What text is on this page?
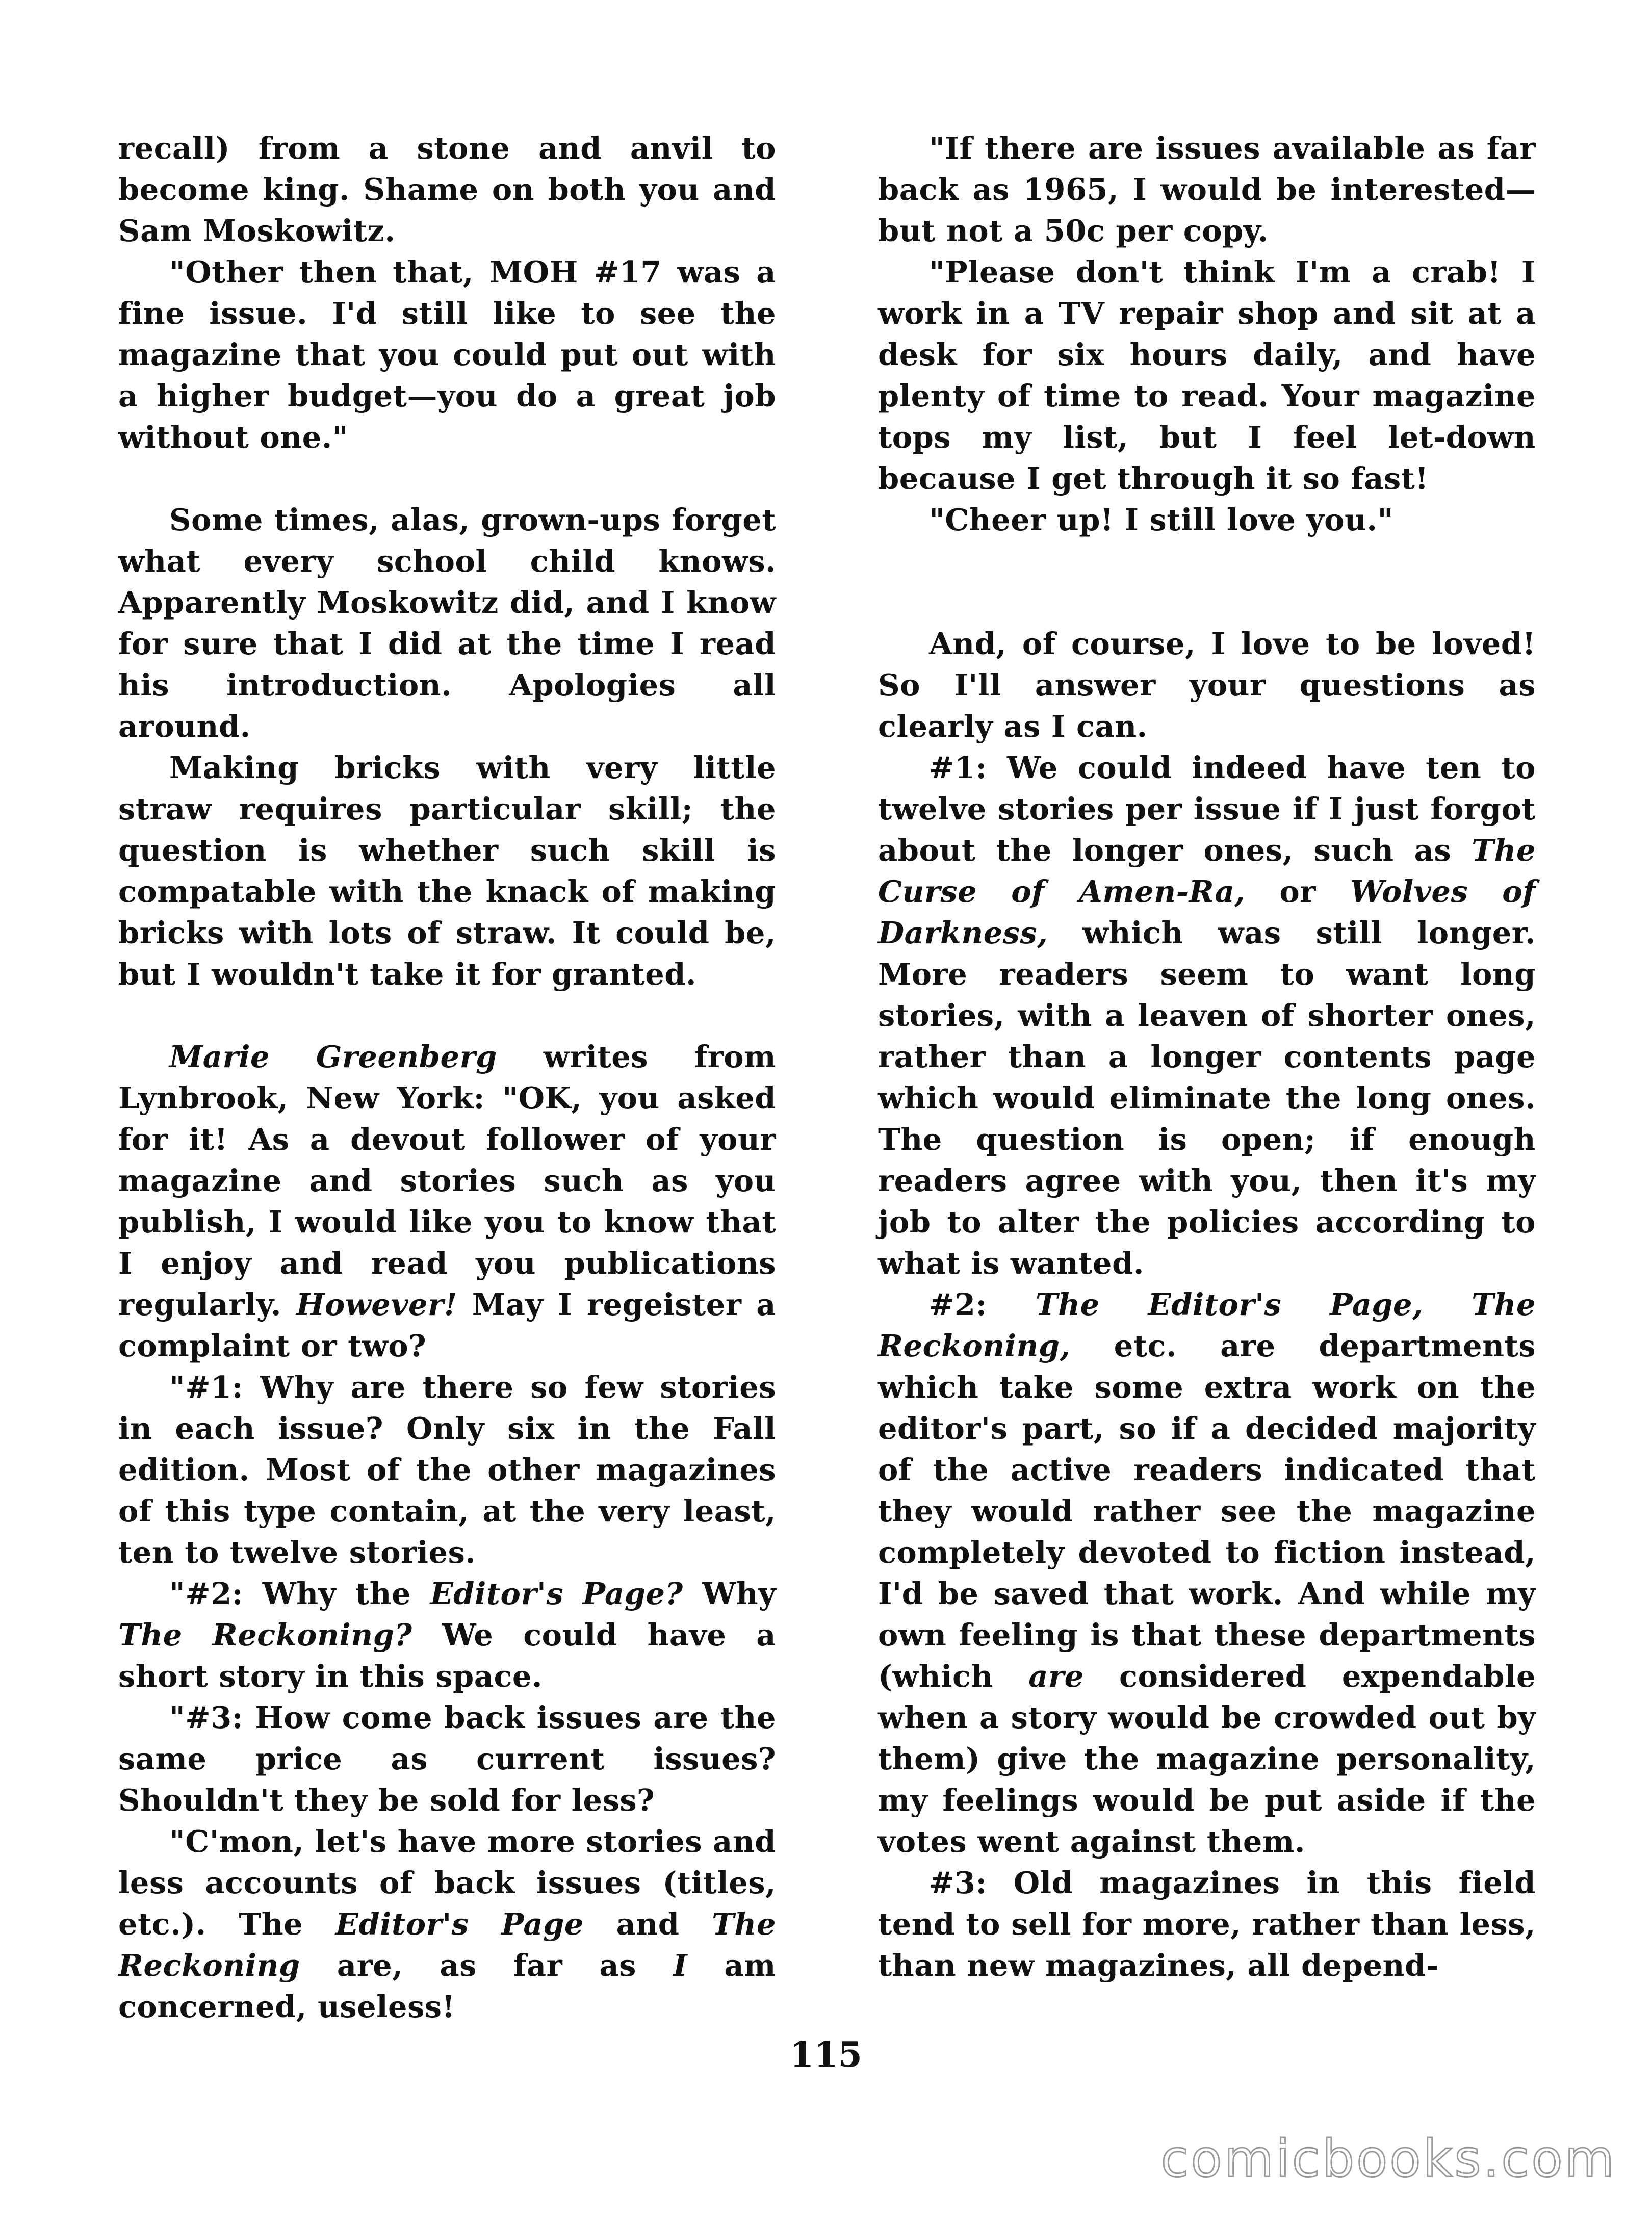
recall) from a stone and anvil to become king. Shame on both you and Sam Moskowitz.

"Other then that, MOH #17 was a fine issue. I'd still like to see the magazine that you could put out with a higher budget—you do a great job without one."

Some times, alas, grown-ups forget what every school child knows. Apparently Moskowitz did, and I know for sure that I did at the time I read his introduction. Apologies all around.

Making bricks with very little straw requires particular skill; the question is whether such skill is compatable with the knack of making bricks with lots of straw. It could be, but I wouldn't take it for granted.

Marie Greenberg writes from Lynbrook, New York: "OK, you asked for it! As a devout follower of your magazine and stories such as you publish, I would like you to know that I enjoy and read you publications regularly. However! May I regeister a complaint or two?

"#1: Why are there so few stories in each issue? Only six in the Fall edition. Most of the other magazines of this type contain, at the very least, ten to twelve stories.

"#2: Why the Editor's Page? Why The Reckoning? We could have a short story in this space.

"#3: How come back issues are the same price as current issues? Shouldn't they be sold for less?

"C'mon, let's have more stories and less accounts of back issues (titles, etc.). The Editor's Page and The Reckoning are, as far as I am concerned, useless!

"If there are issues available as far back as 1965, I would be interested—but not a 50c per copy.

"Please don't think I'm a crab! I work in a TV repair shop and sit at a desk for six hours daily, and have plenty of time to read. Your magazine tops my list, but I feel let-down because I get through it so fast!

"Cheer up! I still love you."

And, of course, I love to be loved! So I'll answer your questions as clearly as I can.

#1: We could indeed have ten to twelve stories per issue if I just forgot about the longer ones, such as The Curse of Amen-Ra, or Wolves of Darkness, which was still longer. More readers seem to want long stories, with a leaven of shorter ones, rather than a longer contents page which would eliminate the long ones. The question is open; if enough readers agree with you, then it's my job to alter the policies according to what is wanted.

#2: The Editor's Page, The Reckoning, etc. are departments which take some extra work on the editor's part, so if a decided majority of the active readers indicated that they would rather see the magazine completely devoted to fiction instead, I'd be saved that work. And while my own feeling is that these departments (which are considered expendable when a story would be crowded out by them) give the magazine personality, my feelings would be put aside if the votes went against them.

#3: Old magazines in this field tend to sell for more, rather than less, than new magazines, all depend-

115
comicbooks.com
